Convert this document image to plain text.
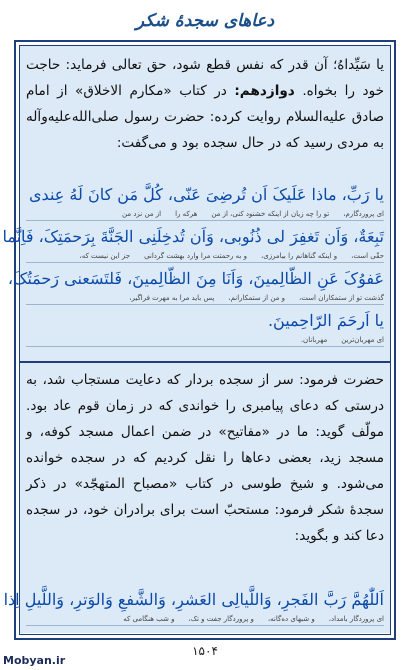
دعاهای سجدهٔ شکر
یا سَیِّداهُ؛ آن قدر که نفس قطع شود، حق تعالی فرماید: حاجت خود را بخواه. دوازدهم: در کتاب «مکارم الاخلاق» از امام صادق علیه‌السلام روایت کرده: حضرت رسول صلی‌الله‌علیه‌وآله به مردی رسید که در حال سجده بود و می‌گفت:
یا رَبِّ، ماذا عَلَیکَ اَن تُرضِیَ عَنّی، کُلَّ مَن کانَ لَهُ عِندی
ای پروردگارم،تو را چه زیان از اینکه خشنود کنی، از منهرکه رااز من نزد من
تَبِعَةٌ، وَاَن تَغفِرَ لی ذُنُوبی، وَاَن تُدخِلَنِی الجَنَّةَ بِرَحمَتِکَ، فَاِنَّما
حقّی است،و اینکه گناهانم را بیامرزی،و به رحمتت مرا وارد بهشت گردانیجز این نیست که،
عَفوُکَ عَنِ الظّالِمینَ، وَاَنَا مِنَ الظّالِمینَ، فَلتَسَعنی رَحمَتُکَ،
گذشت تو از ستمکاران است،و من از ستمکارانم،پس باید مرا به مهرت فراگیر،
یا اَرحَمَ الرّاحِمینَ.
ای مهربان‌ترینمهربانان.
حضرت فرمود: سر از سجده بردار که دعایت مستجاب شد، به درستی که دعای پیامبری را خواندی که در زمان قوم عاد بود. مولّف گوید: ما در «مفاتیح» در ضمن اعمال مسجد کوفه، و مسجد زید، بعضی دعاها را نقل کردیم که در سجده خوانده می‌شود. و شیخ طوسی در کتاب «مصباح المتهجّد» در ذکر سجدهٔ شکر فرمود: مستحبّ است برای برادران خود، در سجده دعا کند و بگوید:
اَللّٰهُمَّ رَبَّ الفَجرِ، وَاللَّیالِی العَشرِ، وَالشَّفعِ وَالوَترِ، وَاللَّیلِ اِذا
ای پروردگار بامداد،و شبهای ده‌گانه،و پروردگار جفت و تک،و شب هنگامی که
۱۵۰۴
Mobyan.ir
